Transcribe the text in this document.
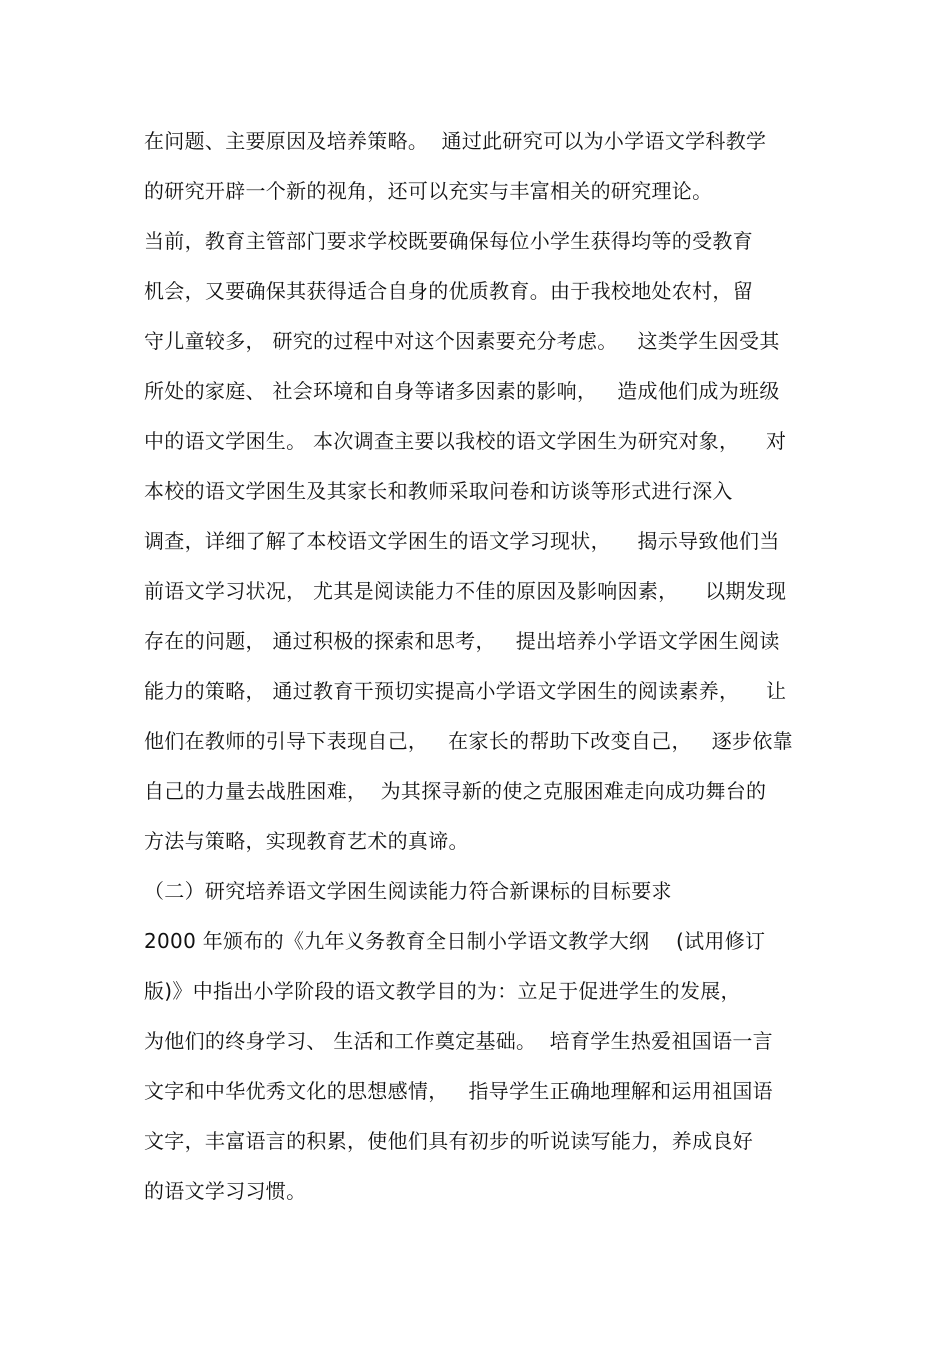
在问题、主要原因及培养策略。  通过此研究可以为小学语文学科教学
的研究开辟一个新的视角，还可以充实与丰富相关的研究理论。
当前，教育主管部门要求学校既要确保每位小学生获得均等的受教育
机会，又要确保其获得适合自身的优质教育。由于我校地处农村，留
守儿童较多， 研究的过程中对这个因素要充分考虑。   这类学生因受其
所处的家庭、 社会环境和自身等诸多因素的影响，   造成他们成为班级
中的语文学困生。 本次调查主要以我校的语文学困生为研究对象，    对
本校的语文学困生及其家长和教师采取问卷和访谈等形式进行深入
调查，详细了解了本校语文学困生的语文学习现状，    揭示导致他们当
前语文学习状况， 尤其是阅读能力不佳的原因及影响因素，    以期发现
存在的问题， 通过积极的探索和思考，   提出培养小学语文学困生阅读
能力的策略， 通过教育干预切实提高小学语文学困生的阅读素养，    让
他们在教师的引导下表现自己，   在家长的帮助下改变自己，   逐步依靠
自己的力量去战胜困难，  为其探寻新的使之克服困难走向成功舞台的
方法与策略，实现教育艺术的真谛。
（二）研究培养语文学困生阅读能力符合新课标的目标要求
2000 年颁布的《九年义务教育全日制小学语文教学大纲    (试用修订
版)》中指出小学阶段的语文教学目的为：立足于促进学生的发展，
为他们的终身学习、 生活和工作奠定基础。  培育学生热爱祖国语一言
文字和中华优秀文化的思想感情，   指导学生正确地理解和运用祖国语
文字，丰富语言的积累，使他们具有初步的听说读写能力，养成良好
的语文学习习惯。
